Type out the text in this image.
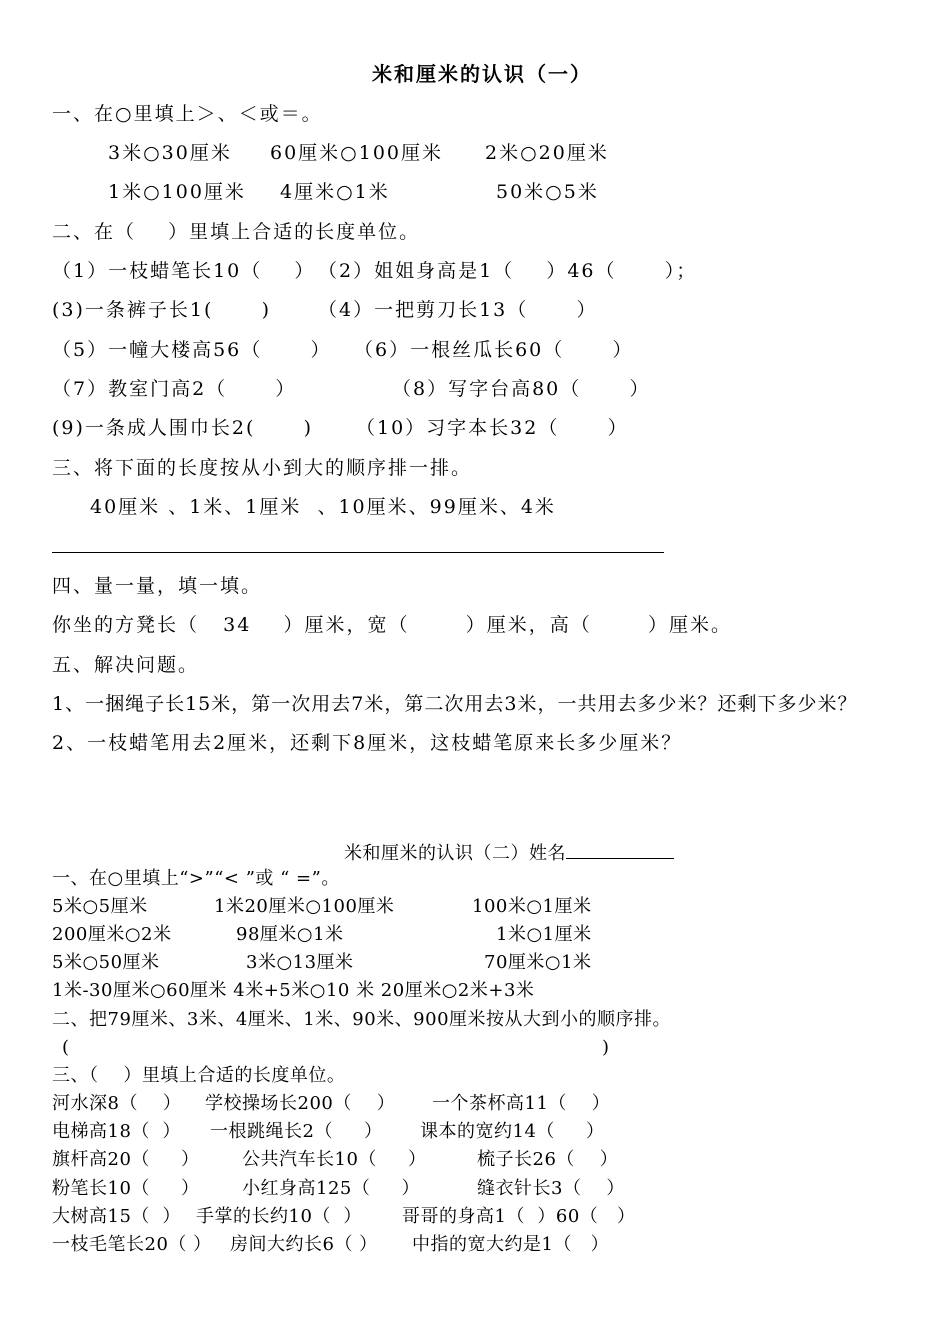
米和厘米的认识（一）
一、在○里填上＞、＜或＝。
3米○30厘米 60厘米○100厘米 2米○20厘米
1米○100厘米 4厘米○1米	50米○5米
二、在（    ）里填上合适的长度单位。
（1）一枝蜡笔长10（    ） （2）姐姐身高是1（    ）46（      ）；
(3)一条裤子长1(      ) （4）一把剪刀长13（      ）
（5）一幢大楼高56（      ） （6）一根丝瓜长60（      ）
（7）教室门高2（      ）	（8）写字台高80（      ）
(9)一条成人围巾长2(      ) （10）习字本长32（      ）
三、将下面的长度按从小到大的顺序排一排。
40厘米 、1米、1厘米  、10厘米、99厘米、4米
四、量一量，填一填。
你坐的方凳长（   34    ）厘米，宽（       ）厘米，高（       ）厘米。
五、解决问题。
1、一捆绳子长15米，第一次用去7米，第二次用去3米，一共用去多少米？还剩下多少米？
2、一枝蜡笔用去2厘米，还剩下8厘米，这枝蜡笔原来长多少厘米？
米和厘米的认识（二）姓名
一、在○里填上“>”“< ”或 “ =”。
5米○5厘米	1米20厘米○100厘米	100米○1厘米
200厘米○2米	98厘米○1米	1米○1厘米
5米○50厘米	3米○13厘米	70厘米○1米
1米-30厘米○60厘米 4米+5米○10 米 20厘米○2米+3米
二、把79厘米、3米、4厘米、1米、90米、900厘米按从大到小的顺序排。
(	)
三、（    ）里填上合适的长度单位。
河水深8（    ） 学校操场长200（    ） 一个茶杯高11（    ）
电梯高18（  ） 一根跳绳长2（     ） 课本的宽约14（     ）
旗杆高20（     ） 公共汽车长10（     ）	梳子长26（    ）
粉笔长10（     ） 小红身高125（     ）	缝衣针长3（    ）
大树高15（  ） 手掌的长约10（  ） 哥哥的身高1（  ）60（   ）
一枝毛笔长20（ ） 房间大约长6（ ） 中指的宽大约是1（   ）
